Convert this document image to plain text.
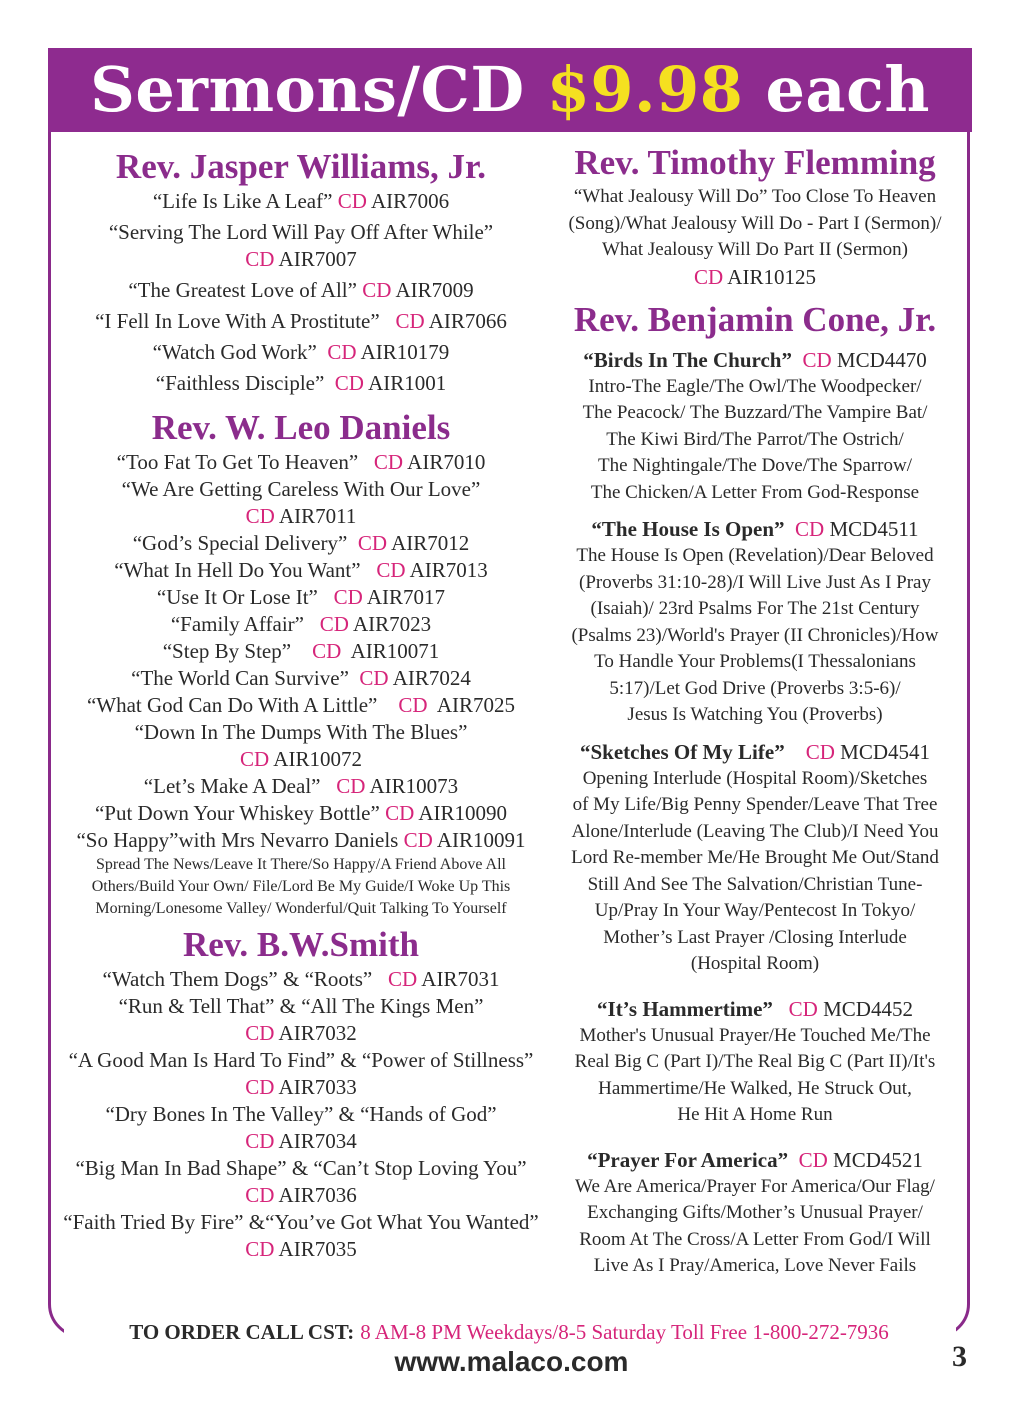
Sermons/CD $9.98 each
Rev. Jasper Williams, Jr.
“Life Is Like A Leaf” CD AIR7006
“Serving The Lord Will Pay Off After While”
CD AIR7007
“The Greatest Love of All” CD AIR7009
“I Fell In Love With A Prostitute” CD AIR7066
“Watch God Work” CD AIR10179
“Faithless Disciple” CD AIR1001
Rev. W. Leo Daniels
“Too Fat To Get To Heaven” CD AIR7010
“We Are Getting Careless With Our Love”
CD AIR7011
“God’s Special Delivery” CD AIR7012
“What In Hell Do You Want” CD AIR7013
“Use It Or Lose It” CD AIR7017
“Family Affair” CD AIR7023
“Step By Step” CD AIR10071
“The World Can Survive” CD AIR7024
“What God Can Do With A Little” CD AIR7025
“Down In The Dumps With The Blues”
CD AIR10072
“Let’s Make A Deal” CD AIR10073
“Put Down Your Whiskey Bottle” CD AIR10090
“So Happy”with Mrs Nevarro Daniels CD AIR10091
Spread The News/Leave It There/So Happy/A Friend Above All
Others/Build Your Own/ File/Lord Be My Guide/I Woke Up This
Morning/Lonesome Valley/ Wonderful/Quit Talking To Yourself
Rev. B.W.Smith
“Watch Them Dogs” & “Roots” CD AIR7031
“Run & Tell That” & “All The Kings Men”
CD AIR7032
“A Good Man Is Hard To Find” & “Power of Stillness”
CD AIR7033
“Dry Bones In The Valley” & “Hands of God”
CD AIR7034
“Big Man In Bad Shape” & “Can’t Stop Loving You”
CD AIR7036
“Faith Tried By Fire” &“You’ve Got What You Wanted”
CD AIR7035
Rev. Timothy Flemming
“What Jealousy Will Do” Too Close To Heaven
(Song)/What Jealousy Will Do - Part I (Sermon)/
What Jealousy Will Do Part II (Sermon)
CD AIR10125
Rev. Benjamin Cone, Jr.
“Birds In The Church” CD MCD4470
Intro-The Eagle/The Owl/The Woodpecker/
The Peacock/ The Buzzard/The Vampire Bat/
The Kiwi Bird/The Parrot/The Ostrich/
The Nightingale/The Dove/The Sparrow/
The Chicken/A Letter From God-Response
“The House Is Open” CD MCD4511
The House Is Open (Revelation)/Dear Beloved
(Proverbs 31:10-28)/I Will Live Just As I Pray
(Isaiah)/ 23rd Psalms For The 21st Century
(Psalms 23)/World's Prayer (II Chronicles)/How
To Handle Your Problems(I Thessalonians
5:17)/Let God Drive (Proverbs 3:5-6)/
Jesus Is Watching You (Proverbs)
“Sketches Of My Life” CD MCD4541
Opening Interlude (Hospital Room)/Sketches
of My Life/Big Penny Spender/Leave That Tree
Alone/Interlude (Leaving The Club)/I Need You
Lord Re-member Me/He Brought Me Out/Stand
Still And See The Salvation/Christian Tune-
Up/Pray In Your Way/Pentecost In Tokyo/
Mother’s Last Prayer /Closing Interlude
(Hospital Room)
“It’s Hammertime” CD MCD4452
Mother's Unusual Prayer/He Touched Me/The
Real Big C (Part I)/The Real Big C (Part II)/It's
Hammertime/He Walked, He Struck Out,
He Hit A Home Run
“Prayer For America” CD MCD4521
We Are America/Prayer For America/Our Flag/
Exchanging Gifts/Mother’s Unusual Prayer/
Room At The Cross/A Letter From God/I Will
Live As I Pray/America, Love Never Fails
TO ORDER CALL CST: 8 AM-8 PM Weekdays/8-5 Saturday Toll Free 1-800-272-7936
www.malaco.com	3
